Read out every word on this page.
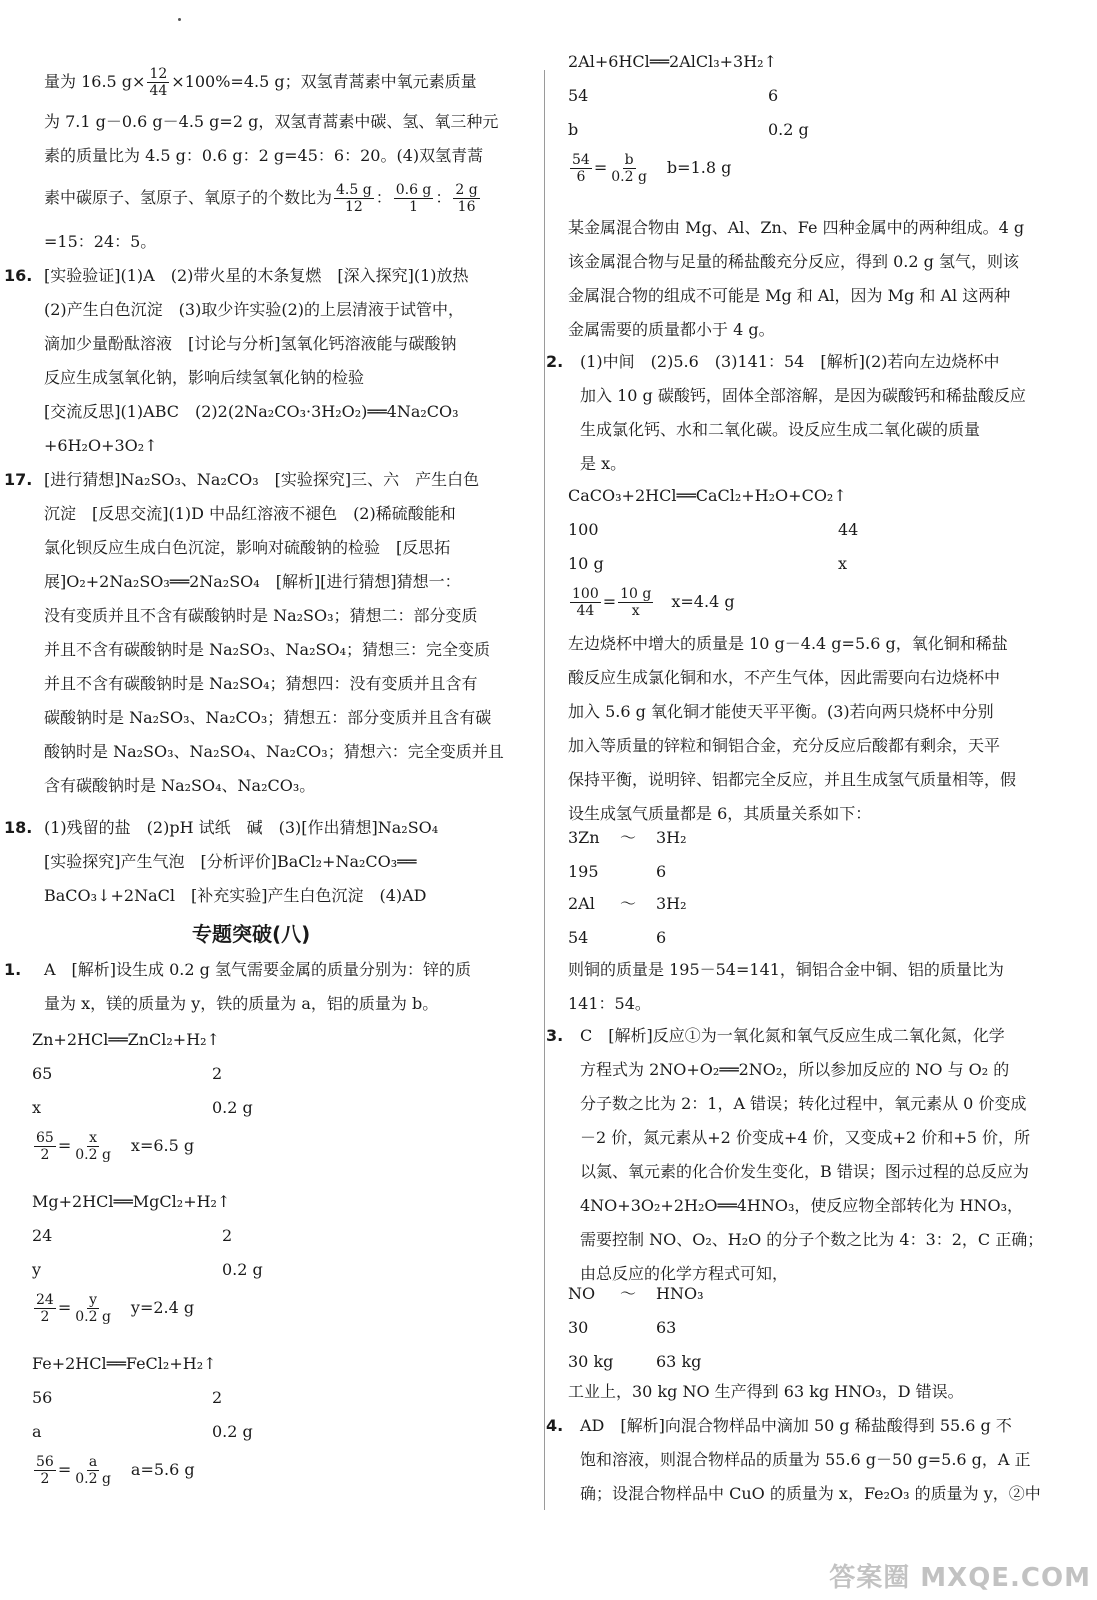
量为 16.5 $g\times \frac{12}{44} \times 100\%=4.5$ g；双氢青蒿素中氧元素质量
为 7.1 g－0.6 g－4.5 g=2 g，双氢青蒿素中碳、氢、氧三种元
素的质量比为 4.5 g：0.6 g：2 g=45：6：20。(4)双氢青蒿
素中碳原子、氢原子、氧原子的个数比为 $\frac{4.5 g}{12}$ ： $\frac{0.6 g}{1}$ ： $\frac{2 g}{16}$
=15：24：5。
16. [实验验证](1)A　(2)带火星的木条复燃　[深入探究](1)放热
(2)产生白色沉淀　(3)取少许实验(2)的上层清液于试管中，
滴加少量酚酞溶液　[讨论与分析]氢氧化钙溶液能与碳酸钠
反应生成氢氧化钠，影响后续氢氧化钠的检验
[交流反思](1)ABC　(2)2(2Na₂CO₃·3H₂O₂)══4Na₂CO₃
+6H₂O+3O₂↑
17. [进行猜想]Na₂SO₃、Na₂CO₃　[实验探究]三、六　产生白色
沉淀　[反思交流](1)D 中品红溶液不褪色　(2)稀硫酸能和
氯化钡反应生成白色沉淀，影响对硫酸钠的检验　[反思拓
展]O₂+2Na₂SO₃══2Na₂SO₄　[解析][进行猜想]猜想一：
没有变质并且不含有碳酸钠时是 Na₂SO₃；猜想二：部分变质
并且不含有碳酸钠时是 Na₂SO₃、Na₂SO₄；猜想三：完全变质
并且不含有碳酸钠时是 Na₂SO₄；猜想四：没有变质并且含有
碳酸钠时是 Na₂SO₃、Na₂CO₃；猜想五：部分变质并且含有碳
酸钠时是 Na₂SO₃、Na₂SO₄、Na₂CO₃；猜想六：完全变质并且
含有碳酸钠时是 Na₂SO₄、Na₂CO₃。
18. (1)残留的盐　(2)pH 试纸　碱　(3)[作出猜想]Na₂SO₄
[实验探究]产生气泡　[分析评价]BaCl₂+Na₂CO₃══
BaCO₃↓+2NaCl　[补充实验]产生白色沉淀　(4)AD
专题突破(八)
1. A　[解析]设生成 0.2 g 氢气需要金属的质量分别为：锌的质
量为 x，镁的质量为 y，铁的质量为 a，铝的质量为 b。
Zn+2HCl══ZnCl₂+H₂↑
65	2
x	0.2 g
$\frac{65}{2} = \frac{x}{0.2 g}$
  x=6.5 g
Mg+2HCl══MgCl₂+H₂↑
24	2
y	0.2 g
$\frac{24}{2} = \frac{y}{0.2 g}$
  y=2.4 g
Fe+2HCl══FeCl₂+H₂↑
56	2
a	0.2 g
$\frac{56}{2} = \frac{a}{0.2 g}$
  a=5.6 g
2Al+6HCl══2AlCl₃+3H₂↑
54	6
b	0.2 g
$\frac{54}{6} = \frac{b}{0.2 g}$
  b=1.8 g
某金属混合物由 Mg、Al、Zn、Fe 四种金属中的两种组成。4 g
该金属混合物与足量的稀盐酸充分反应，得到 0.2 g 氢气，则该
金属混合物的组成不可能是 Mg 和 Al，因为 Mg 和 Al 这两种
金属需要的质量都小于 4 g。
2. (1)中间　(2)5.6　(3)141：54　[解析](2)若向左边烧杯中
加入 10 g 碳酸钙，固体全部溶解，是因为碳酸钙和稀盐酸反应
生成氯化钙、水和二氧化碳。设反应生成二氧化碳的质量
是 x。
CaCO₃+2HCl══CaCl₂+H₂O+CO₂↑
100	44
10 g	x
$\frac{100}{44} = \frac{10 g}{x}$
  x=4.4 g
左边烧杯中增大的质量是 10 g－4.4 g=5.6 g，氧化铜和稀盐
酸反应生成氯化铜和水，不产生气体，因此需要向右边烧杯中
加入 5.6 g 氧化铜才能使天平平衡。(3)若向两只烧杯中分别
加入等质量的锌粒和铜铝合金，充分反应后酸都有剩余，天平
保持平衡，说明锌、铝都完全反应，并且生成氢气质量相等，假
设生成氢气质量都是 6，其质量关系如下：
3Zn ～ 3H₂
195	6
2Al ～ 3H₂
54	6
则铜的质量是 195－54=141，铜铝合金中铜、铝的质量比为
141：54。
3. C　[解析]反应①为一氧化氮和氧气反应生成二氧化氮，化学
方程式为 2NO+O₂══2NO₂，所以参加反应的 NO 与 O₂ 的
分子数之比为 2：1，A 错误；转化过程中，氧元素从 0 价变成
－2 价，氮元素从+2 价变成+4 价，又变成+2 价和+5 价，所
以氮、氧元素的化合价发生变化，B 错误；图示过程的总反应为
4NO+3O₂+2H₂O══4HNO₃，使反应物全部转化为 HNO₃，
需要控制 NO、O₂、H₂O 的分子个数之比为 4：3：2，C 正确；
由总反应的化学方程式可知，
NO ～ HNO₃
30	63
30 kg	63 kg
工业上，30 kg NO 生产得到 63 kg HNO₃，D 错误。
4. AD　[解析]向混合物样品中滴加 50 g 稀盐酸得到 55.6 g 不
饱和溶液，则混合物样品的质量为 55.6 g－50 g=5.6 g，A 正
确；设混合物样品中 CuO 的质量为 x，Fe₂O₃ 的质量为 y，②中
答案圈 MXQE.COM
